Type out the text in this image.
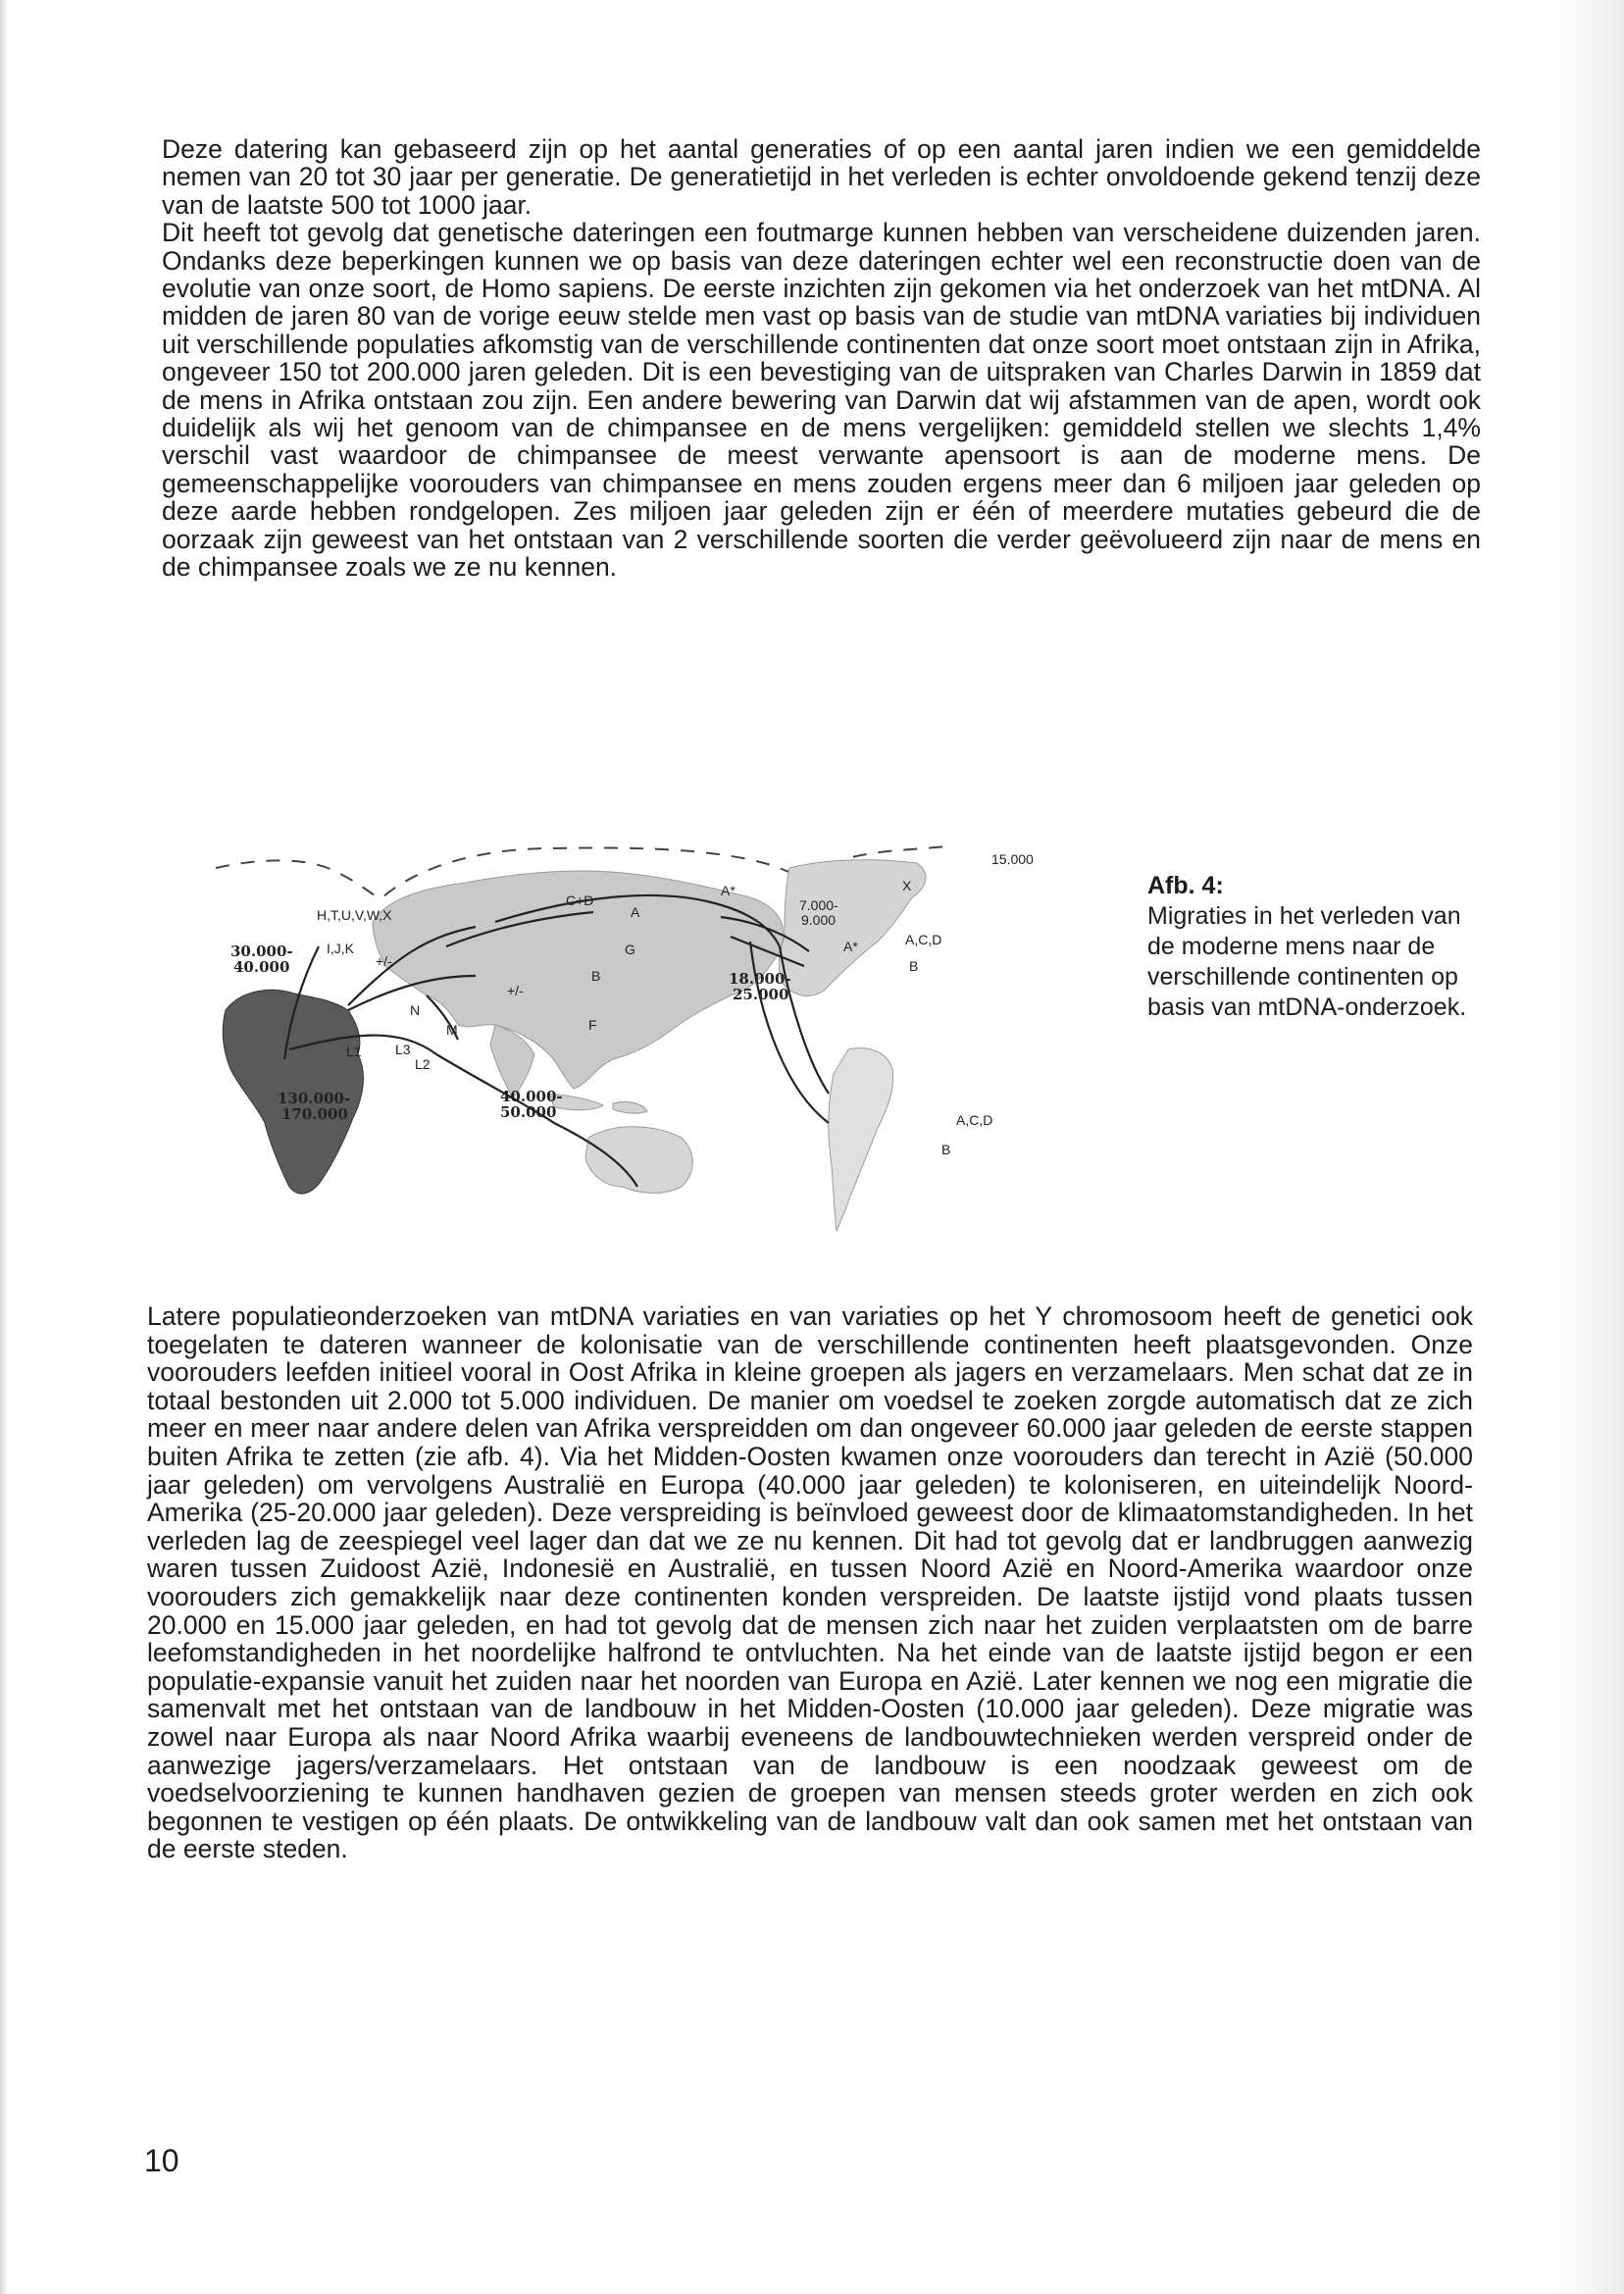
Deze datering kan gebaseerd zijn op het aantal generaties of op een aantal jaren indien we een gemiddelde nemen van 20 tot 30 jaar per generatie. De generatietijd in het verleden is echter onvoldoende gekend tenzij deze van de laatste 500 tot 1000 jaar.

Dit heeft tot gevolg dat genetische dateringen een foutmarge kunnen hebben van verscheidene duizenden jaren. Ondanks deze beperkingen kunnen we op basis van deze dateringen echter wel een reconstructie doen van de evolutie van onze soort, de Homo sapiens. De eerste inzichten zijn gekomen via het onderzoek van het mtDNA. Al midden de jaren 80 van de vorige eeuw stelde men vast op basis van de studie van mtDNA variaties bij individuen uit verschillende populaties afkomstig van de verschillende continenten dat onze soort moet ontstaan zijn in Afrika, ongeveer 150 tot 200.000 jaren geleden. Dit is een bevestiging van de uitspraken van Charles Darwin in 1859 dat de mens in Afrika ontstaan zou zijn. Een andere bewering van Darwin dat wij afstammen van de apen, wordt ook duidelijk als wij het genoom van de chimpansee en de mens vergelijken: gemiddeld stellen we slechts 1,4% verschil vast waardoor de chimpansee de meest verwante apensoort is aan de moderne mens. De gemeenschappelijke voorouders van chimpansee en mens zouden ergens meer dan 6 miljoen jaar geleden op deze aarde hebben rondgelopen. Zes miljoen jaar geleden zijn er één of meerdere mutaties gebeurd die de oorzaak zijn geweest van het ontstaan van 2 verschillende soorten die verder geëvolueerd zijn naar de mens en de chimpansee zoals we ze nu kennen.

H,T,U,V,W,X
I,J,K
+/-
+/-
30.000-
40.000
130.000-
170.000
40.000-
50.000
18.000-
25.000
7.000-
9.000
15.000
C+D
A
A*
A*
G
B
F
M
N
L1
L2
L3
X
A,C,D
B
A,C,D
B
Afb. 4:
Migraties in het verleden van de moderne mens naar de verschillende continenten op basis van mtDNA-onderzoek.

Latere populatieonderzoeken van mtDNA variaties en van variaties op het Y chromosoom heeft de genetici ook toegelaten te dateren wanneer de kolonisatie van de verschillende continenten heeft plaatsgevonden. Onze voorouders leefden initieel vooral in Oost Afrika in kleine groepen als jagers en verzamelaars. Men schat dat ze in totaal bestonden uit 2.000 tot 5.000 individuen. De manier om voedsel te zoeken zorgde automatisch dat ze zich meer en meer naar andere delen van Afrika verspreidden om dan ongeveer 60.000 jaar geleden de eerste stappen buiten Afrika te zetten (zie afb. 4). Via het Midden-Oosten kwamen onze voorouders dan terecht in Azië (50.000 jaar geleden) om vervolgens Australië en Europa (40.000 jaar geleden) te koloniseren, en uiteindelijk Noord-Amerika (25-20.000 jaar geleden). Deze verspreiding is beïnvloed geweest door de klimaatomstandigheden. In het verleden lag de zeespiegel veel lager dan dat we ze nu kennen. Dit had tot gevolg dat er landbruggen aanwezig waren tussen Zuidoost Azië, Indonesië en Australië, en tussen Noord Azië en Noord-Amerika waardoor onze voorouders zich gemakkelijk naar deze continenten konden verspreiden. De laatste ijstijd vond plaats tussen 20.000 en 15.000 jaar geleden, en had tot gevolg dat de mensen zich naar het zuiden verplaatsten om de barre leefomstandigheden in het noordelijke halfrond te ontvluchten. Na het einde van de laatste ijstijd begon er een populatie-expansie vanuit het zuiden naar het noorden van Europa en Azië. Later kennen we nog een migratie die samenvalt met het ontstaan van de landbouw in het Midden-Oosten (10.000 jaar geleden). Deze migratie was zowel naar Europa als naar Noord Afrika waarbij eveneens de landbouwtechnieken werden verspreid onder de aanwezige jagers/verzamelaars. Het ontstaan van de landbouw is een noodzaak geweest om de voedselvoorziening te kunnen handhaven gezien de groepen van mensen steeds groter werden en zich ook begonnen te vestigen op één plaats. De ontwikkeling van de landbouw valt dan ook samen met het ontstaan van de eerste steden.

10
